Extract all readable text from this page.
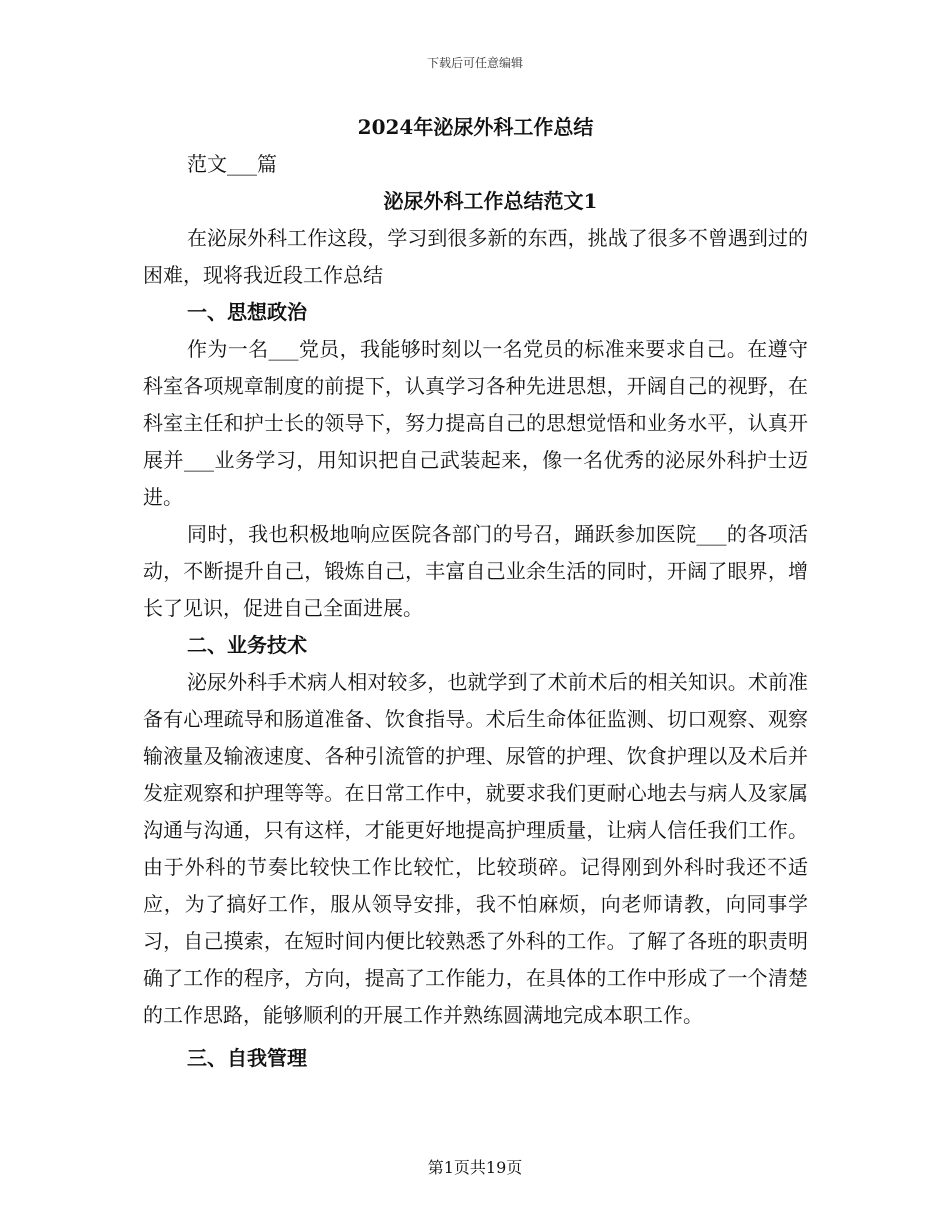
下载后可任意编辑
2024年泌尿外科工作总结

范文___篇

泌尿外科工作总结范文1

在泌尿外科工作这段，学习到很多新的东西，挑战了很多不曾遇到过的困难，现将我近段工作总结

一、思想政治

作为一名___党员，我能够时刻以一名党员的标准来要求自己。在遵守科室各项规章制度的前提下，认真学习各种先进思想，开阔自己的视野，在科室主任和护士长的领导下，努力提高自己的思想觉悟和业务水平，认真开展并___业务学习，用知识把自己武装起来，像一名优秀的泌尿外科护士迈进。

同时，我也积极地响应医院各部门的号召，踊跃参加医院___的各项活动，不断提升自己，锻炼自己，丰富自己业余生活的同时，开阔了眼界，增长了见识，促进自己全面进展。

二、业务技术

泌尿外科手术病人相对较多，也就学到了术前术后的相关知识。术前准备有心理疏导和肠道准备、饮食指导。术后生命体征监测、切口观察、观察输液量及输液速度、各种引流管的护理、尿管的护理、饮食护理以及术后并发症观察和护理等等。在日常工作中，就要求我们更耐心地去与病人及家属沟通与沟通，只有这样，才能更好地提高护理质量，让病人信任我们工作。由于外科的节奏比较快工作比较忙，比较琐碎。记得刚到外科时我还不适应，为了搞好工作，服从领导安排，我不怕麻烦，向老师请教，向同事学习，自己摸索，在短时间内便比较熟悉了外科的工作。了解了各班的职责明确了工作的程序，方向，提高了工作能力，在具体的工作中形成了一个清楚的工作思路，能够顺利的开展工作并熟练圆满地完成本职工作。

三、自我管理

第1页共19页
